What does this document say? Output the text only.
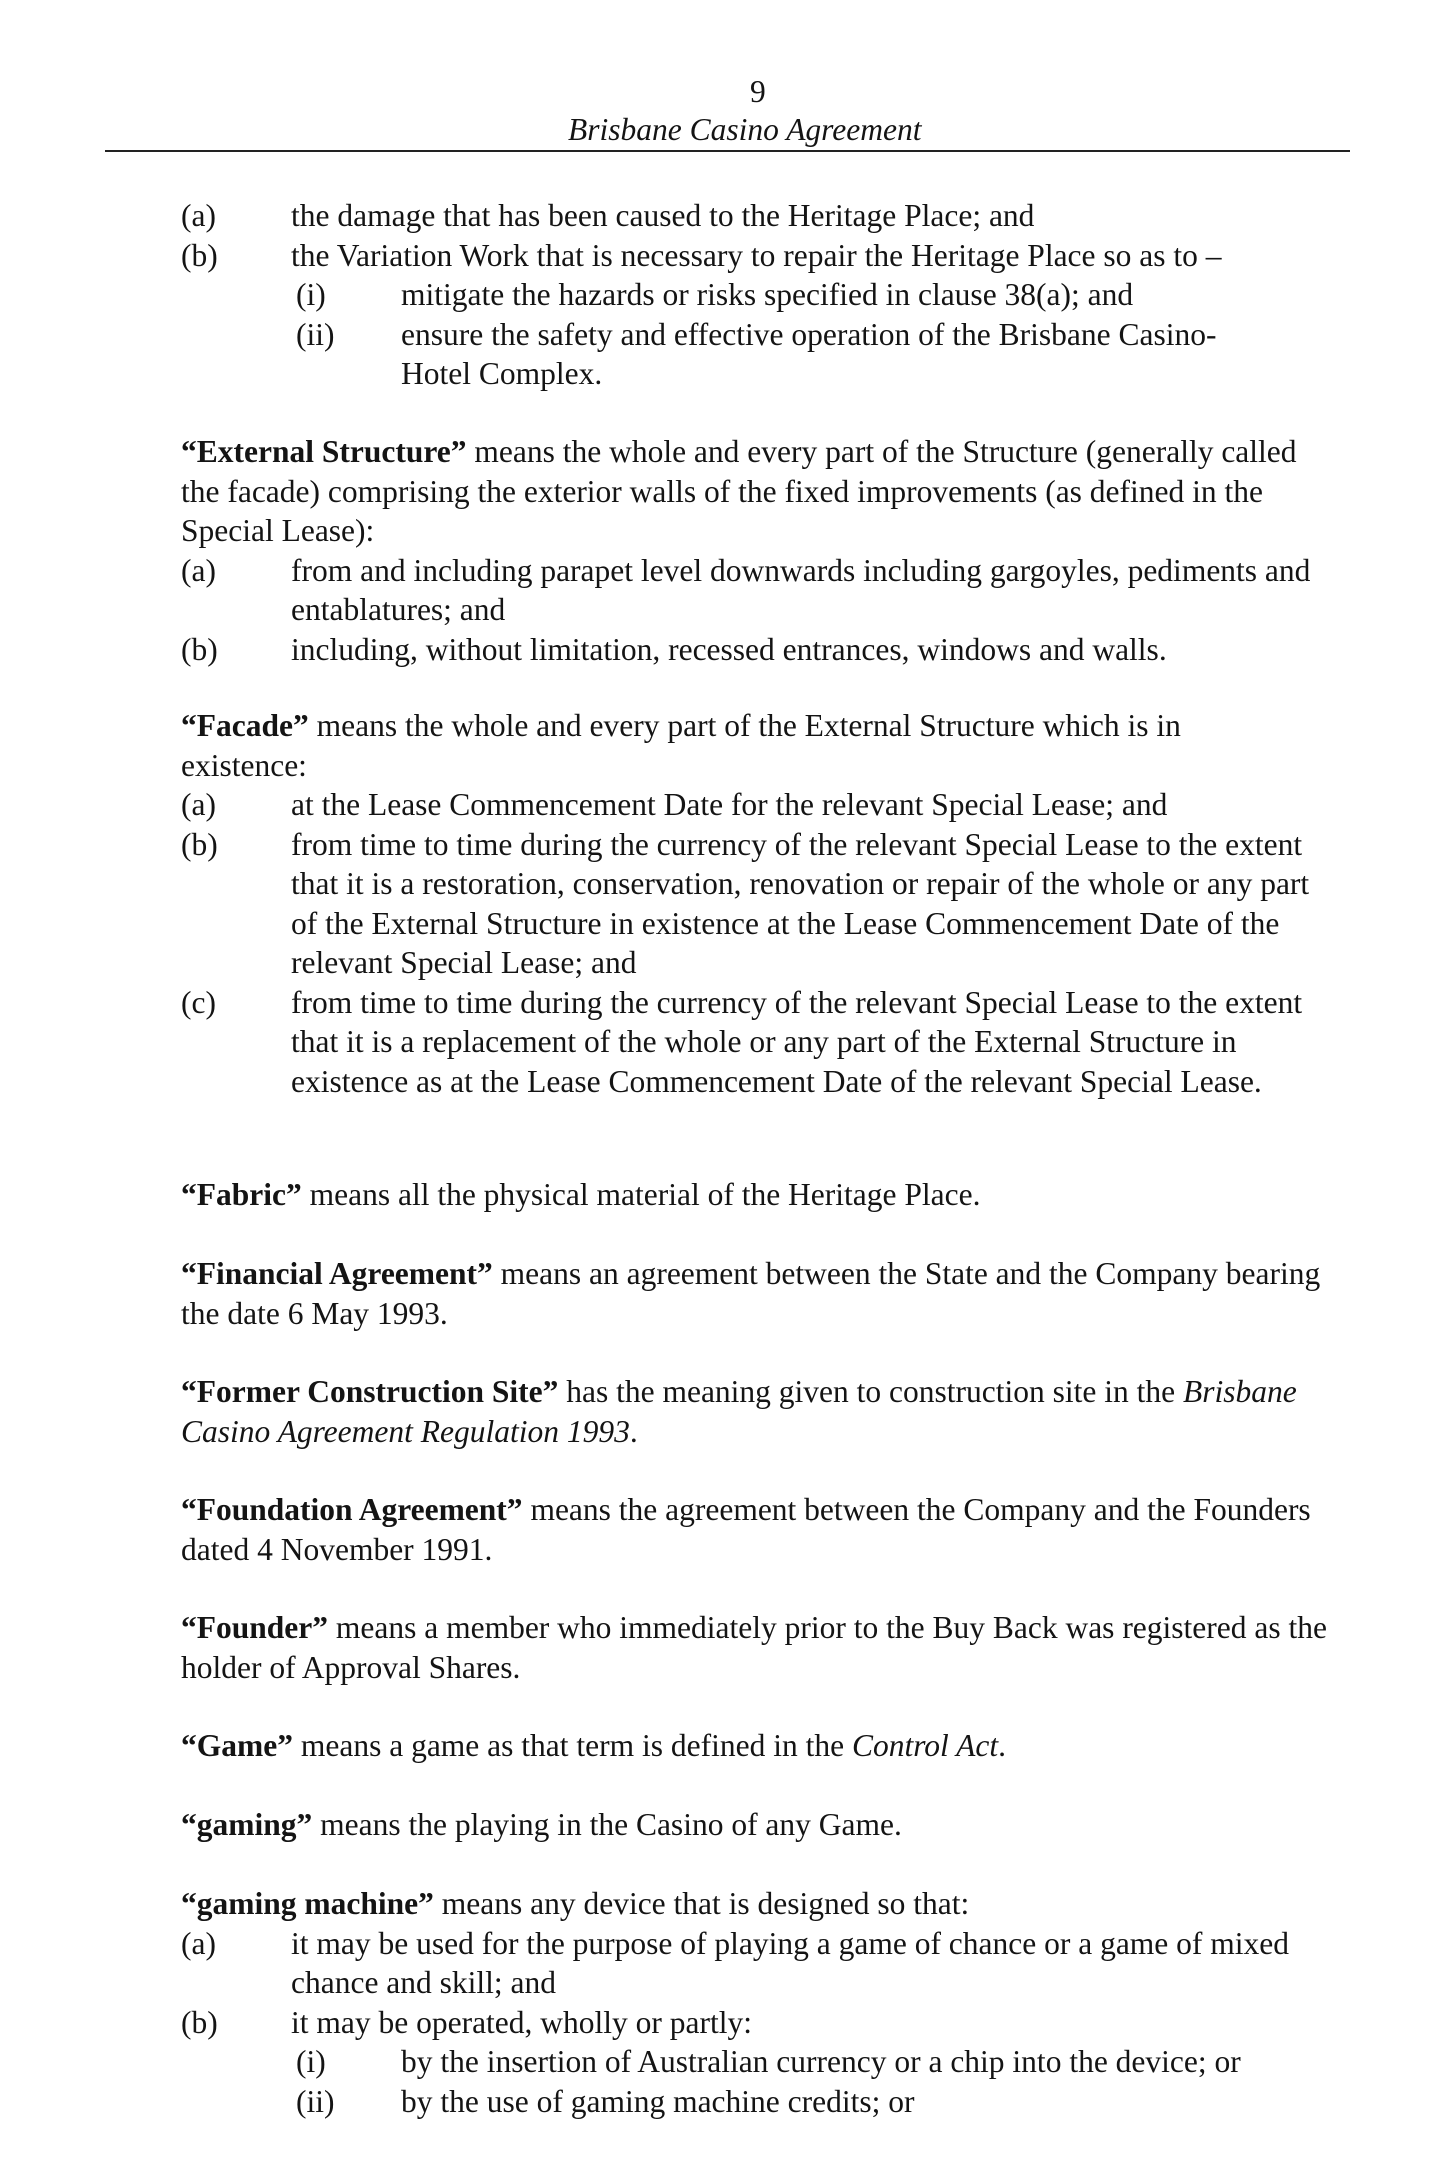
9
Brisbane Casino Agreement
(a) the damage that has been caused to the Heritage Place; and
(b) the Variation Work that is necessary to repair the Heritage Place so as to –
(i) mitigate the hazards or risks specified in clause 38(a); and
(ii) ensure the safety and effective operation of the Brisbane Casino-Hotel Complex.

“External Structure” means the whole and every part of the Structure (generally called the facade) comprising the exterior walls of the fixed improvements (as defined in the Special Lease):

(a) from and including parapet level downwards including gargoyles, pediments and entablatures; and
(b) including, without limitation, recessed entrances, windows and walls.

“Facade” means the whole and every part of the External Structure which is in existence:

(a) at the Lease Commencement Date for the relevant Special Lease; and
(b) from time to time during the currency of the relevant Special Lease to the extent that it is a restoration, conservation, renovation or repair of the whole or any part of the External Structure in existence at the Lease Commencement Date of the relevant Special Lease; and
(c) from time to time during the currency of the relevant Special Lease to the extent that it is a replacement of the whole or any part of the External Structure in existence as at the Lease Commencement Date of the relevant Special Lease.

“Fabric” means all the physical material of the Heritage Place.

“Financial Agreement” means an agreement between the State and the Company bearing the date 6 May 1993.

“Former Construction Site” has the meaning given to construction site in the Brisbane Casino Agreement Regulation 1993.

“Foundation Agreement” means the agreement between the Company and the Founders dated 4 November 1991.

“Founder” means a member who immediately prior to the Buy Back was registered as the holder of Approval Shares.

“Game” means a game as that term is defined in the Control Act.

“gaming” means the playing in the Casino of any Game.

“gaming machine” means any device that is designed so that:

(a) it may be used for the purpose of playing a game of chance or a game of mixed chance and skill; and
(b) it may be operated, wholly or partly:
(i) by the insertion of Australian currency or a chip into the device; or
(ii) by the use of gaming machine credits; or
